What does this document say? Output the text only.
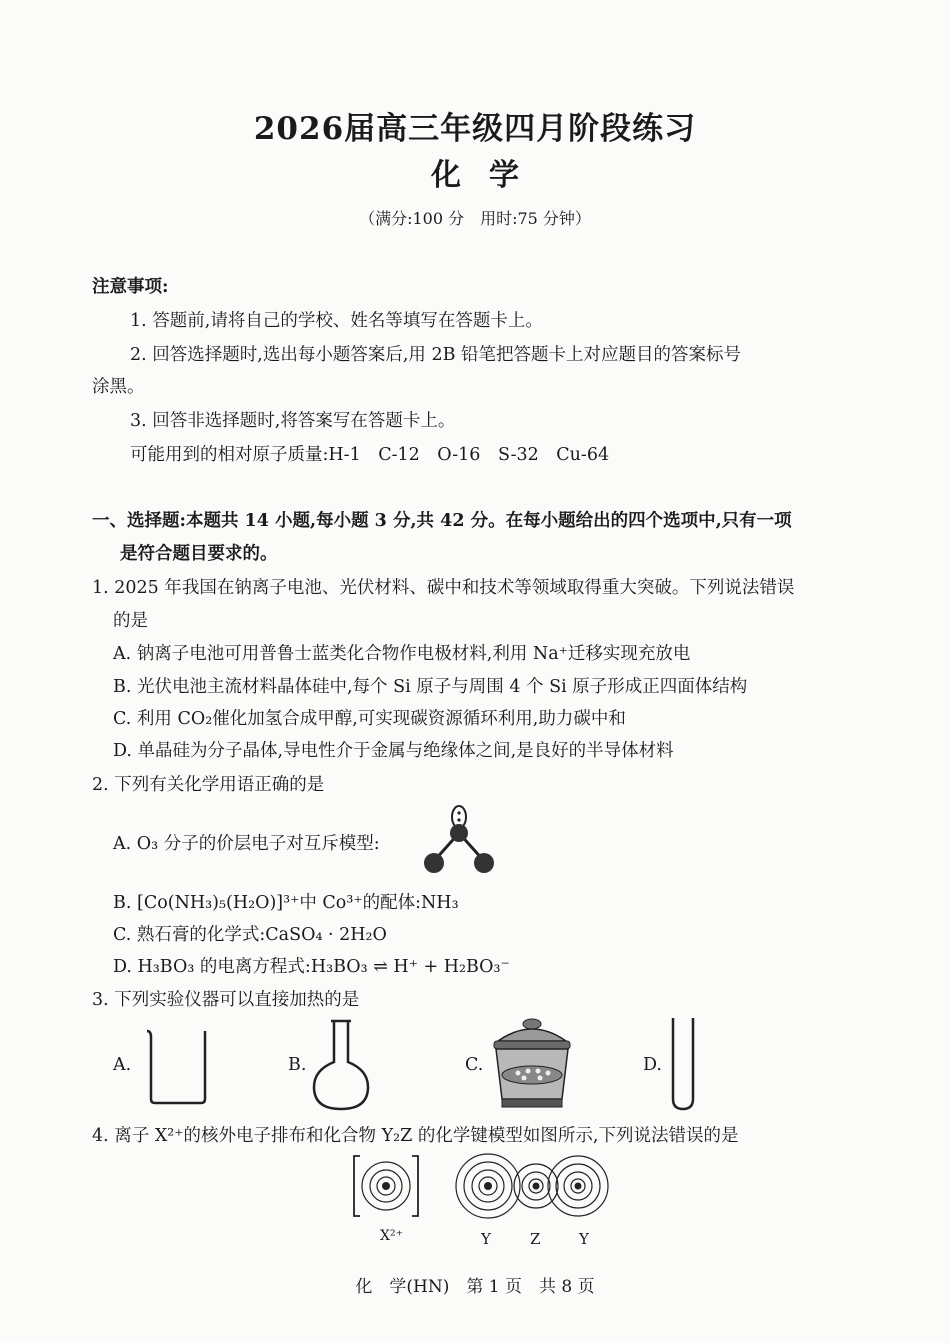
2026届高三年级四月阶段练习
化学
（满分:100 分　用时:75 分钟）
注意事项:
1. 答题前,请将自己的学校、姓名等填写在答题卡上。
2. 回答选择题时,选出每小题答案后,用 2B 铅笔把答题卡上对应题目的答案标号
涂黑。
3. 回答非选择题时,将答案写在答题卡上。
可能用到的相对原子质量:H-1　C-12　O-16　S-32　Cu-64
一、选择题:本题共 14 小题,每小题 3 分,共 42 分。在每小题给出的四个选项中,只有一项
是符合题目要求的。
1. 2025 年我国在钠离子电池、光伏材料、碳中和技术等领域取得重大突破。下列说法错误
的是
A. 钠离子电池可用普鲁士蓝类化合物作电极材料,利用 Na⁺迁移实现充放电
B. 光伏电池主流材料晶体硅中,每个 Si 原子与周围 4 个 Si 原子形成正四面体结构
C. 利用 CO₂催化加氢合成甲醇,可实现碳资源循环利用,助力碳中和
D. 单晶硅为分子晶体,导电性介于金属与绝缘体之间,是良好的半导体材料
2. 下列有关化学用语正确的是
A. O₃ 分子的价层电子对互斥模型:
B. [Co(NH₃)₅(H₂O)]³⁺中 Co³⁺的配体:NH₃
C. 熟石膏的化学式:CaSO₄ · 2H₂O
D. H₃BO₃ 的电离方程式:H₃BO₃ ⇌ H⁺ + H₂BO₃⁻
3. 下列实验仪器可以直接加热的是
A.	B.	C.	D.
4. 离子 X²⁺的核外电子排布和化合物 Y₂Z 的化学键模型如图所示,下列说法错误的是
X²⁺	Y	Z	Y
化　学(HN)　第 1 页　共 8 页
